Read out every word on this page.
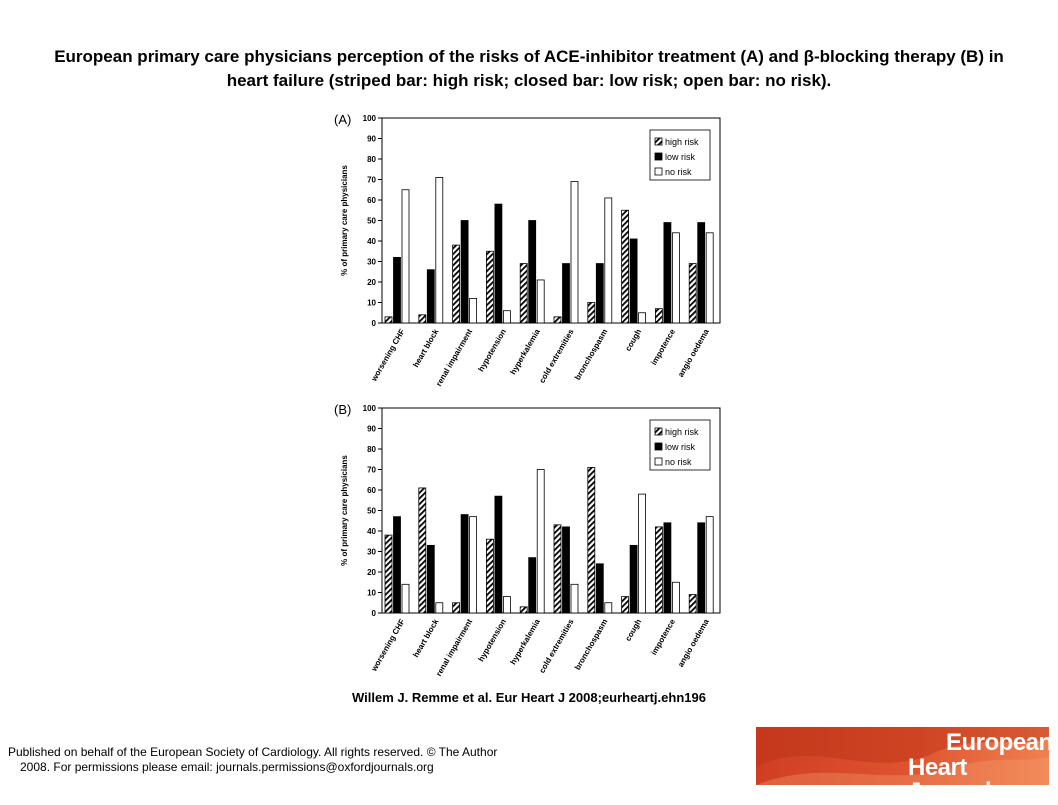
European primary care physicians perception of the risks of ACE-inhibitor treatment (A) and β-blocking therapy (B) in heart failure (striped bar: high risk; closed bar: low risk; open bar: no risk).
(A)
% of primary care physicians
0
10
20
30
40
50
60
70
80
90
100
worsening CHF heart block
renal impairment hypotension hyperkalemia
cold extremities
bronchospasm cough impotence angio oedema
high risk
low risk
no risk
(B)
% of primary care physicians
0
10
20
30
40
50
60
70
80
90
100
worsening CHF heart block
renal impairment hypotension hyperkalemia
cold extremities
bronchospasm cough impotence angio oedema
high risk
low risk
no risk
Willem J. Remme et al. Eur Heart J 2008;eurheartj.ehn196
Published on behalf of the European Society of Cardiology. All rights reserved. © The Author
2008. For permissions please email: journals.permissions@oxfordjournals.org
European
Heart Journal
